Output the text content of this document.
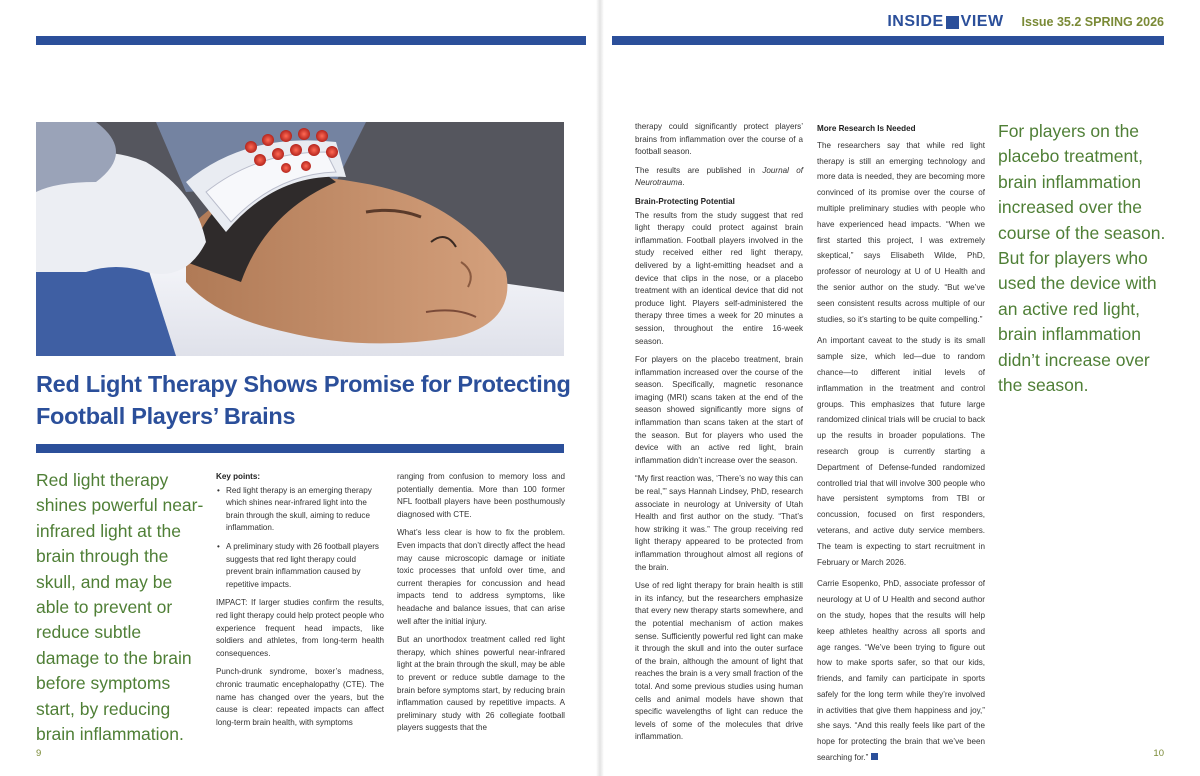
INSIDE VIEW Issue 35.2 SPRING 2026
Red Light Therapy Shows Promise for Protecting Football Players’ Brains
Red light therapy shines powerful near-infrared light at the brain through the skull, and may be able to prevent or reduce subtle damage to the brain before symptoms start, by reducing brain inflammation.
For players on the placebo treatment, brain inflammation increased over the course of the season. But for players who used the device with an active red light, brain inflammation didn’t increase over the season.
Key points:
• Red light therapy is an emerging therapy which shines near-infrared light into the brain through the skull, aiming to reduce inflammation.
• A preliminary study with 26 football players suggests that red light therapy could prevent brain inflammation caused by repetitive impacts.

IMPACT: If larger studies confirm the results, red light therapy could help protect people who experience frequent head impacts, like soldiers and athletes, from long-term health consequences.

Punch-drunk syndrome, boxer’s madness, chronic traumatic encephalopathy (CTE). The name has changed over the years, but the cause is clear: repeated impacts can affect long-term brain health, with symptoms

ranging from confusion to memory loss and potentially dementia. More than 100 former NFL football players have been posthumously diagnosed with CTE.

What’s less clear is how to fix the problem. Even impacts that don’t directly affect the head may cause microscopic damage or initiate toxic processes that unfold over time, and current therapies for concussion and head impacts tend to address symptoms, like headache and balance issues, that can arise well after the initial injury.

But an unorthodox treatment called red light therapy, which shines powerful near-infrared light at the brain through the skull, may be able to prevent or reduce subtle damage to the brain before symptoms start, by reducing brain inflammation caused by repetitive impacts. A preliminary study with 26 collegiate football players suggests that the

therapy could significantly protect players’ brains from inflammation over the course of a football season.

The results are published in Journal of Neurotrauma.

Brain-Protecting Potential

The results from the study suggest that red light therapy could protect against brain inflammation. Football players involved in the study received either red light therapy, delivered by a light-emitting headset and a device that clips in the nose, or a placebo treatment with an identical device that did not produce light. Players self-administered the therapy three times a week for 20 minutes a session, throughout the entire 16-week season.

For players on the placebo treatment, brain inflammation increased over the course of the season. Specifically, magnetic resonance imaging (MRI) scans taken at the end of the season showed significantly more signs of inflammation than scans taken at the start of the season. But for players who used the device with an active red light, brain inflammation didn’t increase over the season.

“My first reaction was, ‘There’s no way this can be real,’” says Hannah Lindsey, PhD, research associate in neurology at University of Utah Health and first author on the study. “That’s how striking it was.” The group receiving red light therapy appeared to be protected from inflammation throughout almost all regions of the brain.

Use of red light therapy for brain health is still in its infancy, but the researchers emphasize that every new therapy starts somewhere, and the potential mechanism of action makes sense. Sufficiently powerful red light can make it through the skull and into the outer surface of the brain, although the amount of light that reaches the brain is a very small fraction of the total. And some previous studies using human cells and animal models have shown that specific wavelengths of light can reduce the levels of some of the molecules that drive inflammation.

More Research Is Needed

The researchers say that while red light therapy is still an emerging technology and more data is needed, they are becoming more convinced of its promise over the course of multiple preliminary studies with people who have experienced head impacts. “When we first started this project, I was extremely skeptical,” says Elisabeth Wilde, PhD, professor of neurology at U of U Health and the senior author on the study. “But we’ve seen consistent results across multiple of our studies, so it’s starting to be quite compelling.”

An important caveat to the study is its small sample size, which led—due to random chance—to different initial levels of inflammation in the treatment and control groups. This emphasizes that future large randomized clinical trials will be crucial to back up the results in broader populations. The research group is currently starting a Department of Defense-funded randomized controlled trial that will involve 300 people who have persistent symptoms from TBI or concussion, focused on first responders, veterans, and active duty service members. The team is expecting to start recruitment in February or March 2026.

Carrie Esopenko, PhD, associate professor of neurology at U of U Health and second author on the study, hopes that the results will help keep athletes healthy across all sports and age ranges. “We’ve been trying to figure out how to make sports safer, so that our kids, friends, and family can participate in sports safely for the long term while they’re involved in activities that give them happiness and joy,” she says. “And this really feels like part of the hope for protecting the brain that we’ve been searching for.”

9	10
